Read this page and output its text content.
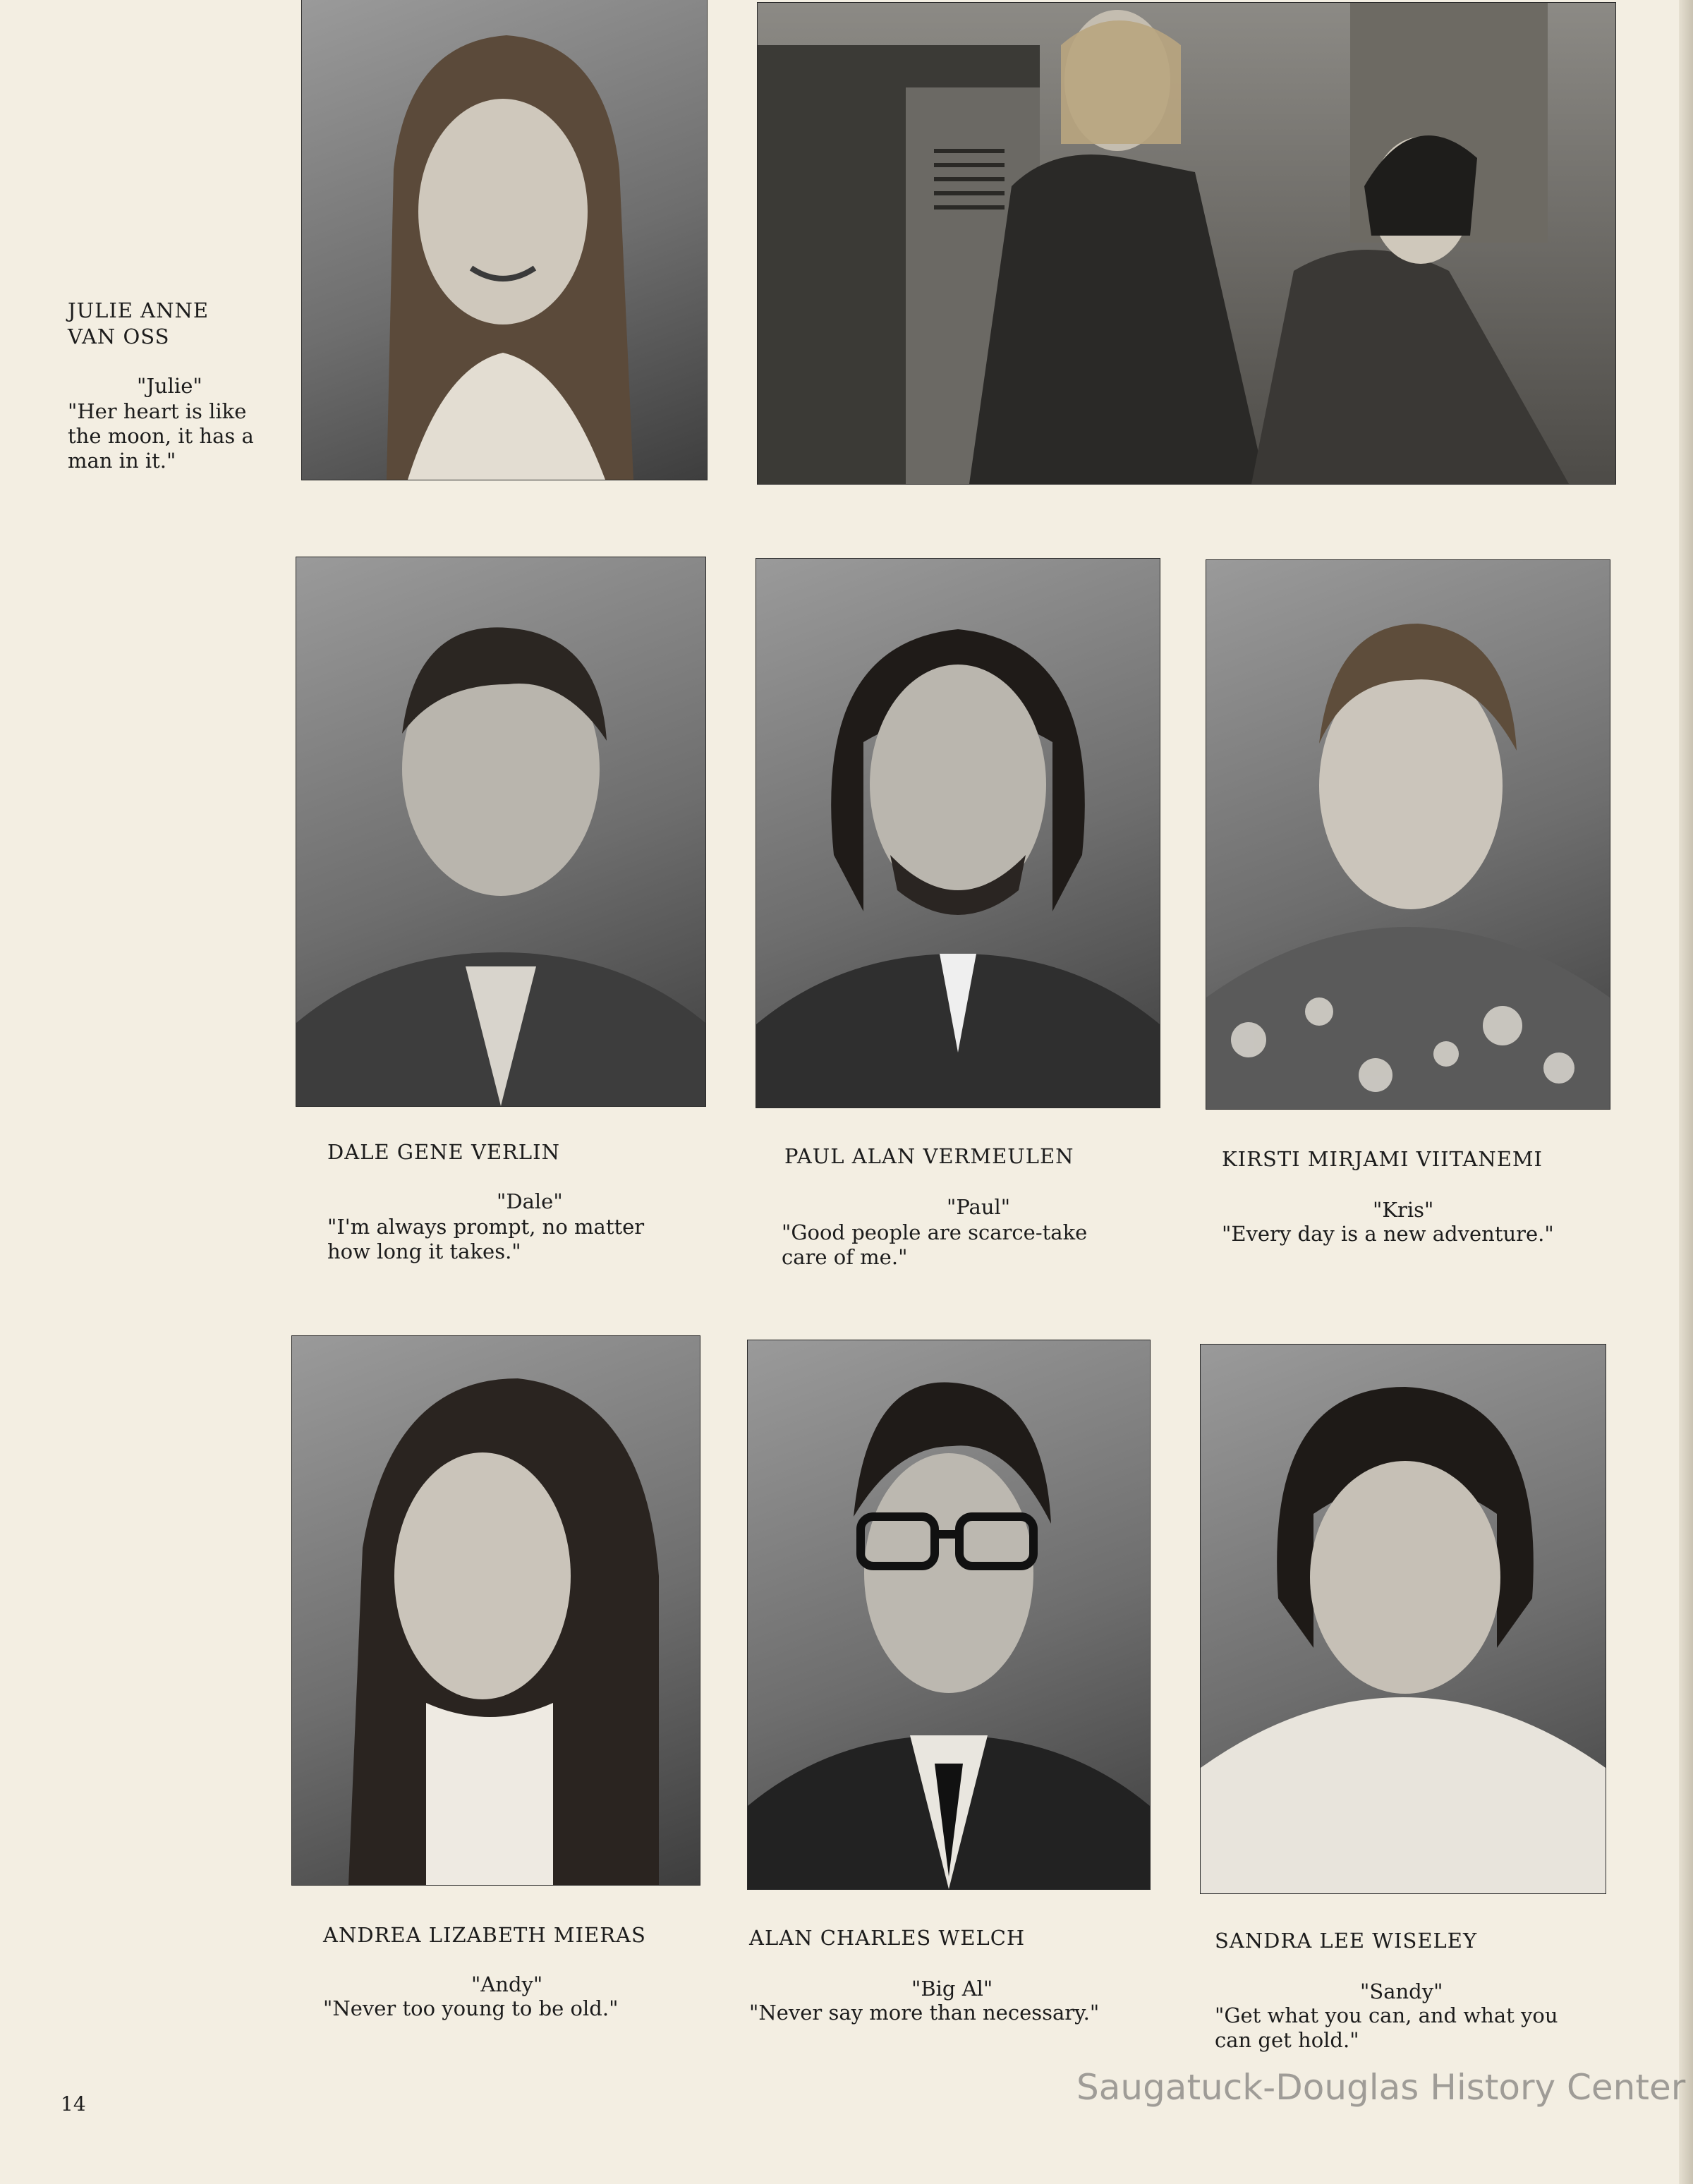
JULIE ANNE
VAN OSS
"Julie"
"Her heart is like
the moon, it has a
man in it."
DALE GENE VERLIN
"Dale"
"I'm always prompt, no matter
how long it takes."
PAUL ALAN VERMEULEN
"Paul"
"Good people are scarce-take
care of me."
KIRSTI MIRJAMI VIITANEMI
"Kris"
"Every day is a new adventure."
ANDREA LIZABETH MIERAS
"Andy"
"Never too young to be old."
ALAN CHARLES WELCH
"Big Al"
"Never say more than necessary."
SANDRA LEE WISELEY
"Sandy"
"Get what you can, and what you
can get hold."
14	Saugatuck-Douglas History Center
